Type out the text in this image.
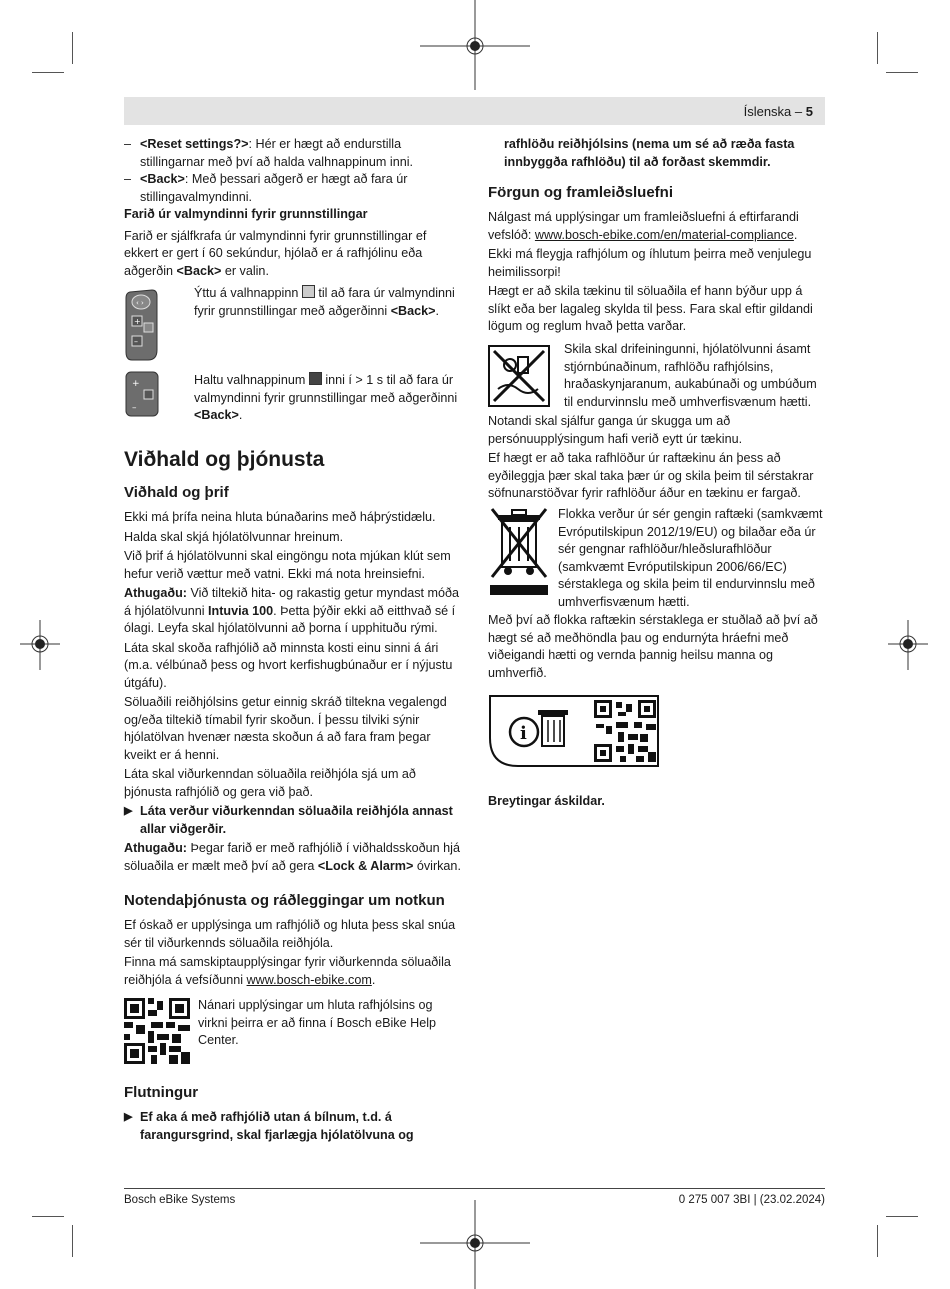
Íslenska – 5

– <Reset settings?>: Hér er hægt að endurstilla stillingarnar með því að halda valhnappinum inni.

– <Back>: Með þessari aðgerð er hægt að fara úr stillingavalmyndinni.

Farið úr valmyndinni fyrir grunnstillingar

Farið er sjálfkrafa úr valmyndinni fyrir grunnstillingar ef ekkert er gert í 60 sekúndur, hjólað er á rafhjólinu eða aðgerðin <Back> er valin.

‹ ›
+
–
Ýttu á valhnappinn  til að fara úr valmyndinni fyrir grunnstillingar með aðgerðinni <Back>.
+
–
Haltu valhnappinum  inni í > 1 s til að fara úr valmyndinni fyrir grunnstillingar með aðgerðinni <Back>.
Viðhald og þjónusta
Viðhald og þrif

Ekki má þrífa neina hluta búnaðarins með háþrýstidælu.

Halda skal skjá hjólatölvunnar hreinum.

Við þrif á hjólatölvunni skal eingöngu nota mjúkan klút sem hefur verið vættur með vatni. Ekki má nota hreinsiefni.

Athugaðu: Við tiltekið hita- og rakastig getur myndast móða á hjólatölvunni Intuvia 100. Þetta þýðir ekki að eitthvað sé í ólagi. Leyfa skal hjólatölvunni að þorna í upphituðu rými.

Láta skal skoða rafhjólið að minnsta kosti einu sinni á ári (m.a. vélbúnað þess og hvort kerfishugbúnaður er í nýjustu útgáfu).

Söluaðili reiðhjólsins getur einnig skráð tiltekna vegalengd og/eða tiltekið tímabil fyrir skoðun. Í þessu tilviki sýnir hjólatölvan hvenær næsta skoðun á að fara fram þegar kveikt er á henni.

Láta skal viðurkenndan söluaðila reiðhjóla sjá um að þjónusta rafhjólið og gera við það.

▶ Láta verður viðurkenndan söluaðila reiðhjóla annast allar viðgerðir.

Athugaðu: Þegar farið er með rafhjólið í viðhaldsskoðun hjá söluaðila er mælt með því að gera <Lock & Alarm> óvirkan.

Notendaþjónusta og ráðleggingar um notkun

Ef óskað er upplýsinga um rafhjólið og hluta þess skal snúa sér til viðurkennds söluaðila reiðhjóla.

Finna má samskiptaupplýsingar fyrir viðurkennda söluaðila reiðhjóla á vefsíðunni www.bosch-ebike.com.

Nánari upplýsingar um hluta rafhjólsins og virkni þeirra er að finna í Bosch eBike Help Center.
Flutningur

▶ Ef aka á með rafhjólið utan á bílnum, t.d. á farangursgrind, skal fjarlægja hjólatölvuna og

rafhlöðu reiðhjólsins (nema um sé að ræða fasta innbyggða rafhlöðu) til að forðast skemmdir.

Förgun og framleiðsluefni

Nálgast má upplýsingar um framleiðsluefni á eftirfarandi vefslóð: www.bosch-ebike.com/en/material-compliance.

Ekki má fleygja rafhjólum og íhlutum þeirra með venjulegu heimilissorpi!

Hægt er að skila tækinu til söluaðila ef hann býður upp á slíkt eða ber lagaleg skylda til þess. Fara skal eftir gildandi lögum og reglum hvað þetta varðar.

Skila skal drifeiningunni, hjólatölvunni ásamt stjórnbúnaðinum, rafhlöðu rafhjólsins, hraðaskynjaranum, aukabúnaði og umbúðum til endurvinnslu með umhverfisvænum hætti.

Notandi skal sjálfur ganga úr skugga um að persónuupplýsingum hafi verið eytt úr tækinu.

Ef hægt er að taka rafhlöður úr raftækinu án þess að eyðileggja þær skal taka þær úr og skila þeim til sérstakrar söfnunarstöðvar fyrir rafhlöður áður en tækinu er fargað.

Flokka verður úr sér gengin raftæki (samkvæmt Evróputilskipun 2012/19/EU) og bilaðar eða úr sér gengnar rafhlöður/hleðslurafhlöður (samkvæmt Evróputilskipun 2006/66/EC) sérstaklega og skila þeim til endurvinnslu með umhverfisvænum hætti.

Með því að flokka raftækin sérstaklega er stuðlað að því að hægt sé að meðhöndla þau og endurnýta hráefni með viðeigandi hætti og vernda þannig heilsu manna og umhverfið.

i
Breytingar áskildar.
Bosch eBike Systems	0 275 007 3BI | (23.02.2024)
